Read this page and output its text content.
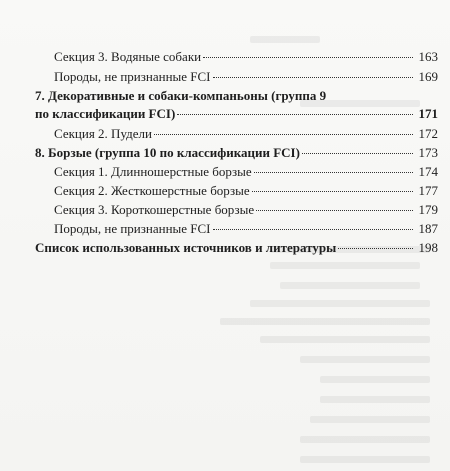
Секция 3. Водяные собаки	163
Породы, не признанные FCI	169
7. Декоративные и собаки-компаньоны (группа 9
по классификации FCI)	171
Секция 2. Пудели	172
8. Борзые (группа 10 по классификации FCI)	173
Секция 1. Длинношерстные борзые	174
Секция 2. Жесткошерстные борзые	177
Секция 3. Короткошерстные борзые	179
Породы, не признанные FCI	187
Список использованных источников и литературы	198
